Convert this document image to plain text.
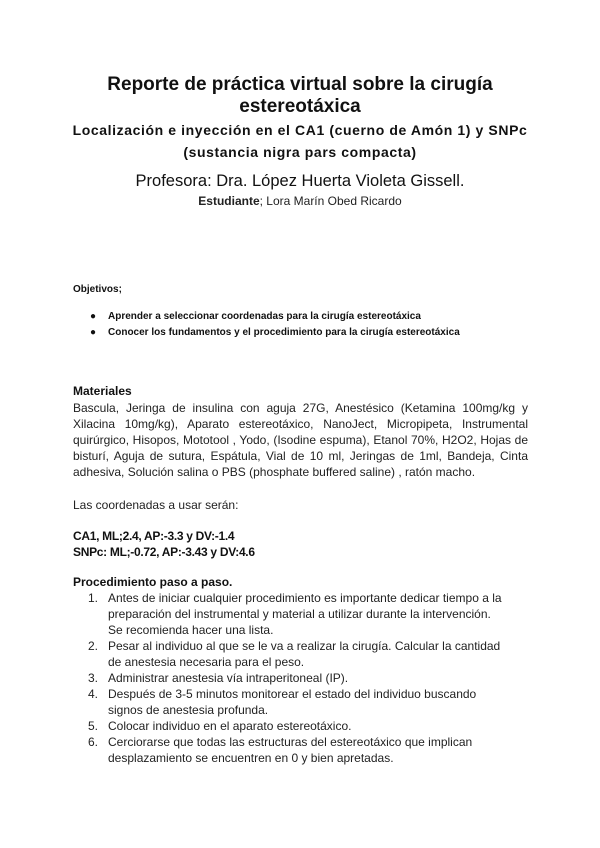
Reporte de práctica virtual sobre la cirugía estereotáxica
Localización e inyección en el CA1 (cuerno de Amón 1) y SNPc (sustancia nigra pars compacta)
Profesora: Dra. López Huerta Violeta Gissell.
Estudiante; Lora Marín Obed Ricardo
Objetivos;
● Aprender a seleccionar coordenadas para la cirugía estereotáxica
● Conocer los fundamentos y el procedimiento para la cirugía estereotáxica
Materiales
Bascula, Jeringa de insulina con aguja 27G, Anestésico (Ketamina 100mg/kg y Xilacina 10mg/kg), Aparato estereotáxico, NanoJect, Micropipeta, Instrumental quirúrgico, Hisopos, Mototool , Yodo, (Isodine espuma), Etanol 70%, H2O2, Hojas de bisturí, Aguja de sutura, Espátula, Vial de 10 ml, Jeringas de 1ml, Bandeja, Cinta adhesiva, Solución salina o PBS (phosphate buffered saline) , ratón macho.
Las coordenadas a usar serán:
CA1, ML;2.4, AP:-3.3 y DV:-1.4
SNPc: ML;-0.72, AP:-3.43 y DV:4.6
Procedimiento paso a paso.
1. Antes de iniciar cualquier procedimiento es importante dedicar tiempo a la preparación del instrumental y material a utilizar durante la intervención. Se recomienda hacer una lista.
2. Pesar al individuo al que se le va a realizar la cirugía. Calcular la cantidad de anestesia necesaria para el peso.
3. Administrar anestesia vía intraperitoneal (IP).
4. Después de 3-5 minutos monitorear el estado del individuo buscando signos de anestesia profunda.
5. Colocar individuo en el aparato estereotáxico.
6. Cerciorarse que todas las estructuras del estereotáxico que implican desplazamiento se encuentren en 0 y bien apretadas.
